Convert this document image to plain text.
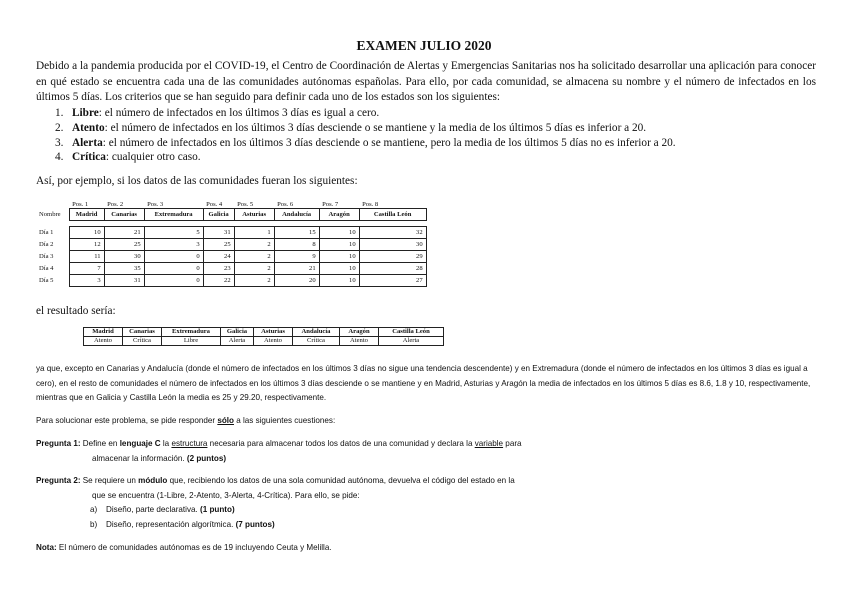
EXAMEN JULIO 2020
Debido a la pandemia producida por el COVID-19, el Centro de Coordinación de Alertas y Emergencias Sanitarias nos ha solicitado desarrollar una aplicación para conocer en qué estado se encuentra cada una de las comunidades autónomas españolas. Para ello, por cada comunidad, se almacena su nombre y el número de infectados en los últimos 5 días. Los criterios que se han seguido para definir cada uno de los estados son los siguientes:
1. Libre: el número de infectados en los últimos 3 días es igual a cero.
2. Atento: el número de infectados en los últimos 3 días desciende o se mantiene y la media de los últimos 5 días es inferior a 20.
3. Alerta: el número de infectados en los últimos 3 días desciende o se mantiene, pero la media de los últimos 5 días no es inferior a 20.
4. Crítica: cualquier otro caso.
Así, por ejemplo, si los datos de las comunidades fueran los siguientes:
	Pos. 1	Pos. 2	Pos. 3	Pos. 4	Pos. 5	Pos. 6	Pos. 7	Pos. 8
Nombre	Madrid	Canarias	Extremadura	Galicia	Asturias	Andalucía	Aragón	Castilla León

Día 1	10	21	5	31	1	15	10	32
Día 2	12	25	3	25	2	8	10	30
Día 3	11	30	0	24	2	9	10	29
Día 4	7	35	0	23	2	21	10	28
Día 5	3	31	0	22	2	20	10	27
el resultado sería:
Madrid	Canarias	Extremadura	Galicia	Asturias	Andalucía	Aragón	Castilla León
Atento	Crítica	Libre	Alerta	Atento	Crítica	Atento	Alerta
ya que, excepto en Canarias y Andalucía (donde el número de infectados en los últimos 3 días no sigue una tendencia descendente) y en Extremadura (donde el número de infectados en los últimos 3 días es igual a cero), en el resto de comunidades el número de infectados en los últimos 3 días desciende o se mantiene y en Madrid, Asturias y Aragón la media de infectados en los últimos 5 días es 8.6, 1.8 y 10, respectivamente, mientras que en Galicia y Castilla León la media es 25 y 29.20, respectivamente.
Para solucionar este problema, se pide responder sólo a las siguientes cuestiones:
Pregunta 1: Define en lenguaje C la estructura necesaria para almacenar todos los datos de una comunidad y declara la variable para
almacenar la información. (2 puntos)
Pregunta 2: Se requiere un módulo que, recibiendo los datos de una sola comunidad autónoma, devuelva el código del estado en la
que se encuentra (1-Libre, 2-Atento, 3-Alerta, 4-Crítica). Para ello, se pide:
a) Diseño, parte declarativa. (1 punto)
b) Diseño, representación algorítmica. (7 puntos)
Nota: El número de comunidades autónomas es de 19 incluyendo Ceuta y Melilla.
